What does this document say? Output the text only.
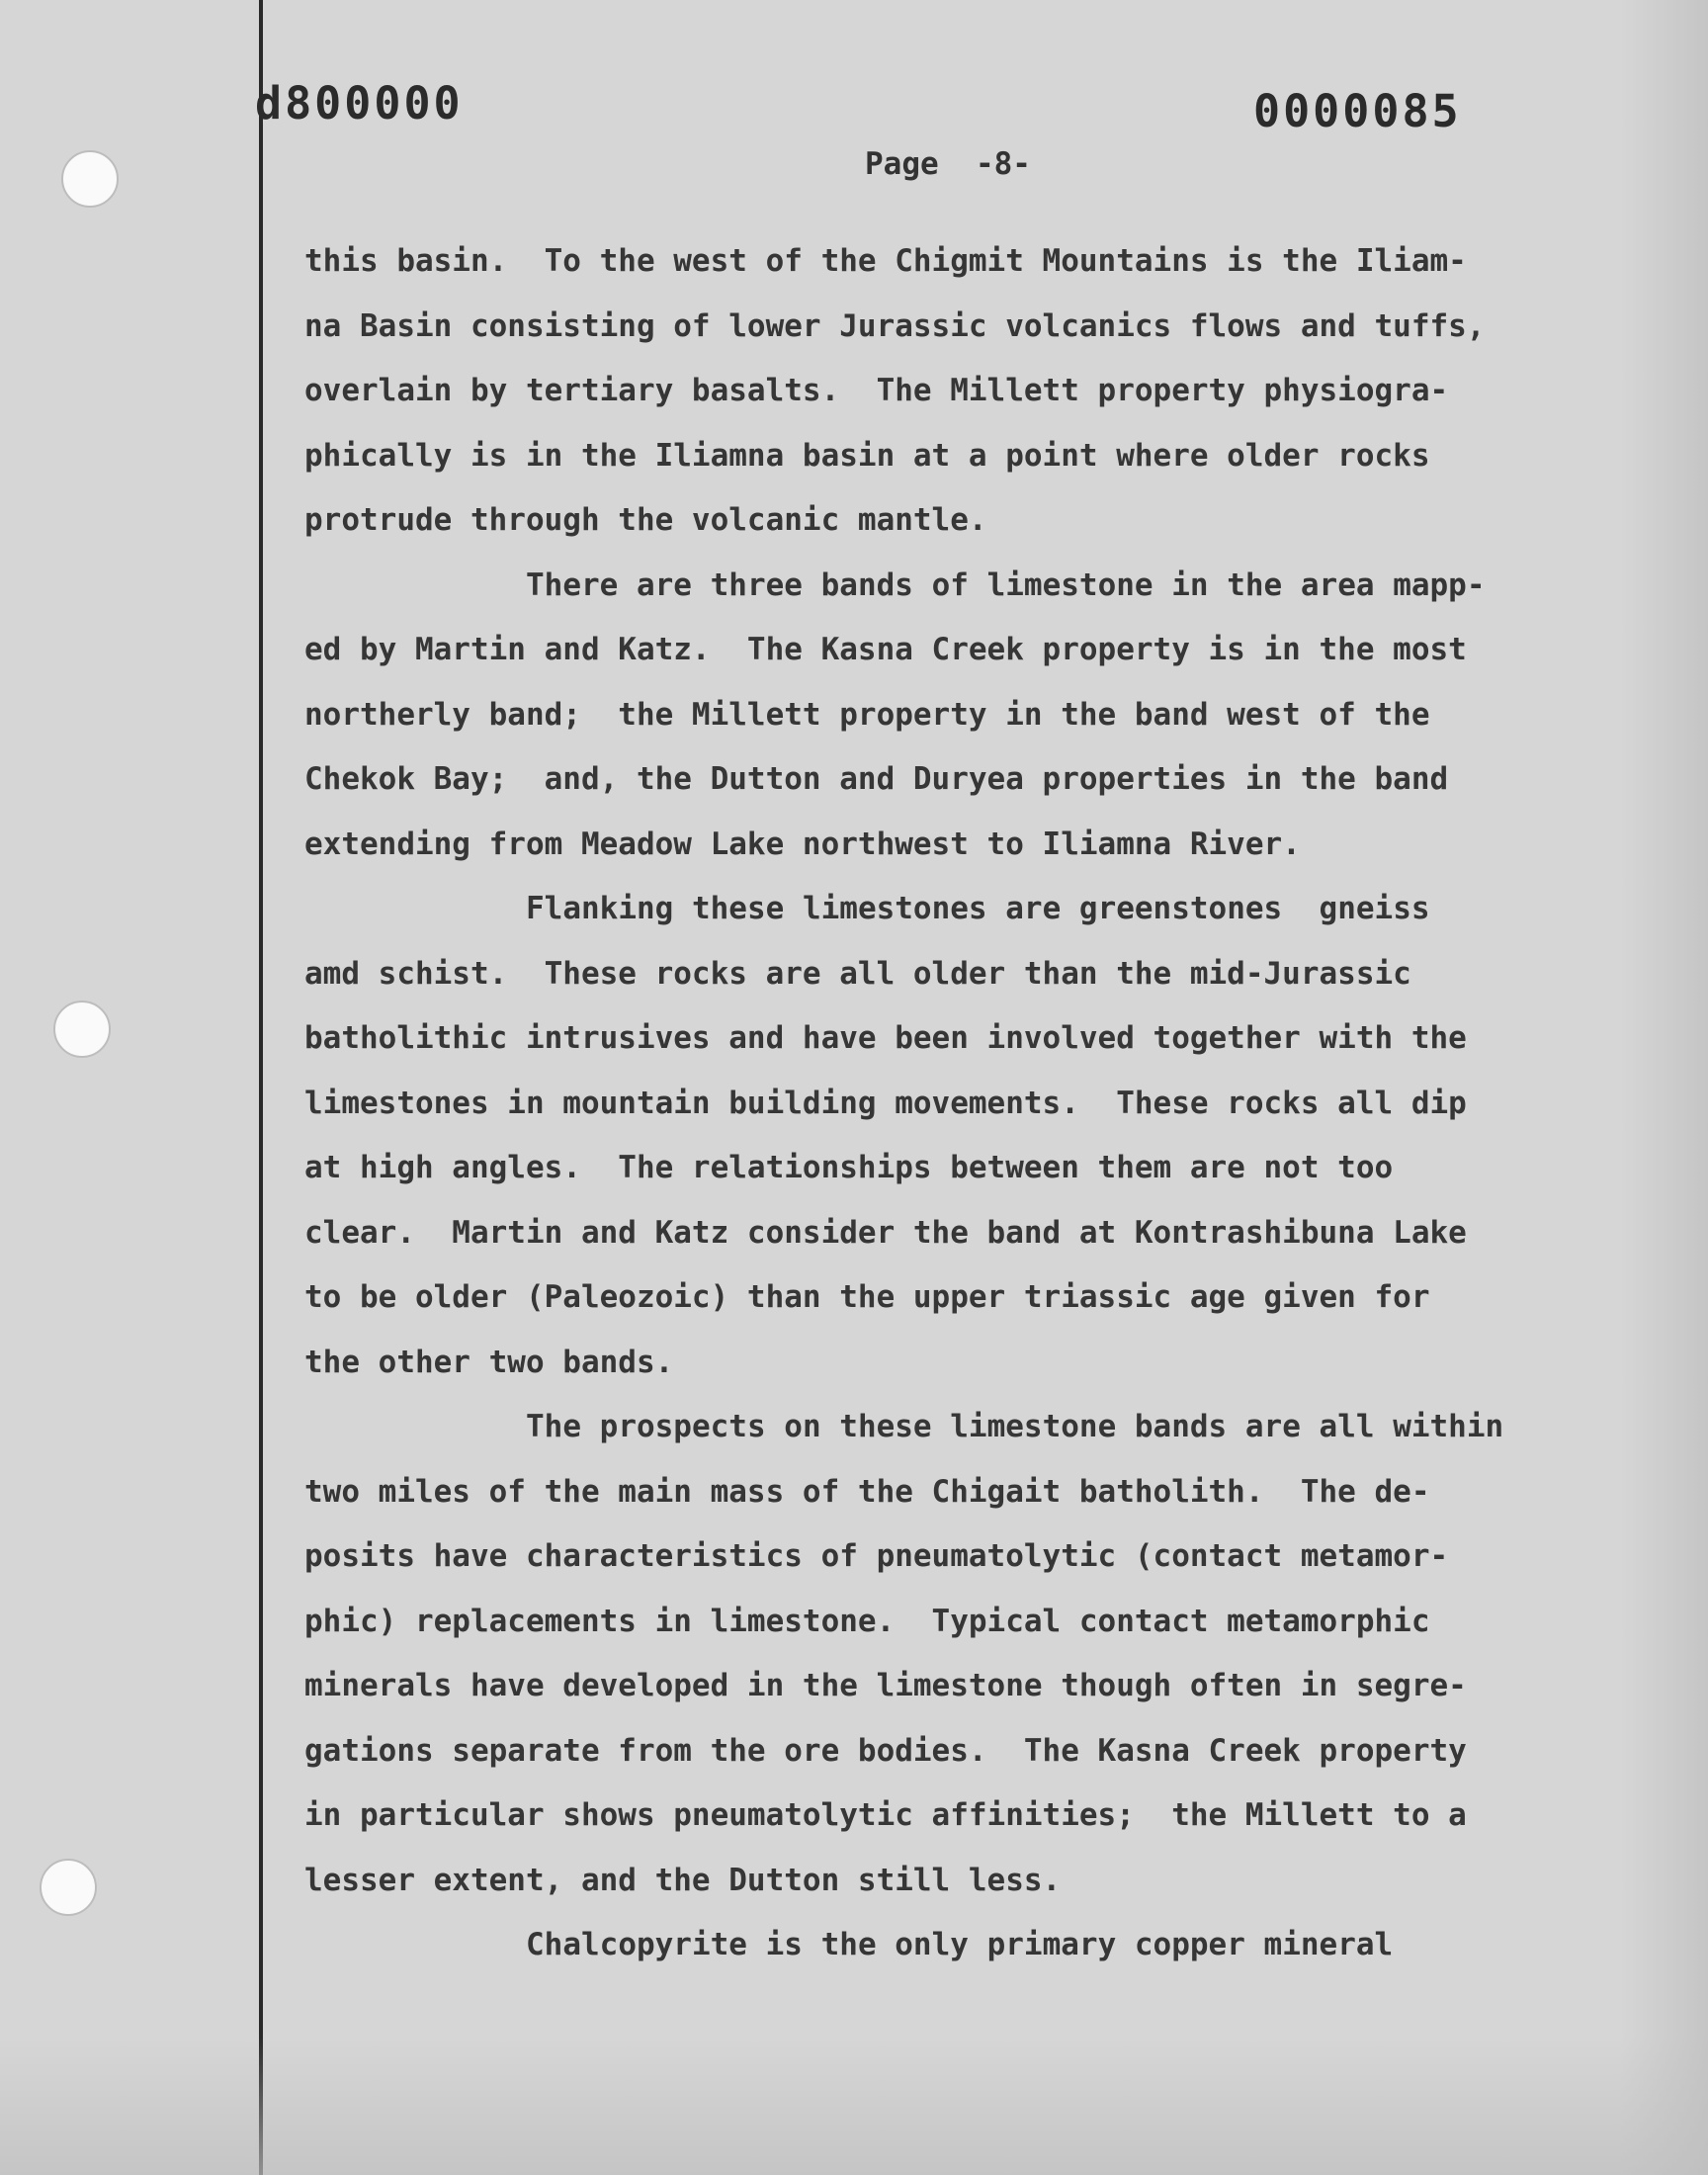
d800000	0000085
Page  -8-
this basin.  To the west of the Chigmit Mountains is the Iliam-
na Basin consisting of lower Jurassic volcanics flows and tuffs,
overlain by tertiary basalts.  The Millett property physiogra-
phically is in the Iliamna basin at a point where older rocks
protrude through the volcanic mantle.
There are three bands of limestone in the area mapp-
ed by Martin and Katz.  The Kasna Creek property is in the most
northerly band;  the Millett property in the band west of the
Chekok Bay;  and, the Dutton and Duryea properties in the band
extending from Meadow Lake northwest to Iliamna River.
Flanking these limestones are greenstones  gneiss
amd schist.  These rocks are all older than the mid-Jurassic
batholithic intrusives and have been involved together with the
limestones in mountain building movements.  These rocks all dip
at high angles.  The relationships between them are not too
clear.  Martin and Katz consider the band at Kontrashibuna Lake
to be older (Paleozoic) than the upper triassic age given for
the other two bands.
The prospects on these limestone bands are all within
two miles of the main mass of the Chigait batholith.  The de-
posits have characteristics of pneumatolytic (contact metamor-
phic) replacements in limestone.  Typical contact metamorphic
minerals have developed in the limestone though often in segre-
gations separate from the ore bodies.  The Kasna Creek property
in particular shows pneumatolytic affinities;  the Millett to a
lesser extent, and the Dutton still less.
Chalcopyrite is the only primary copper mineral
